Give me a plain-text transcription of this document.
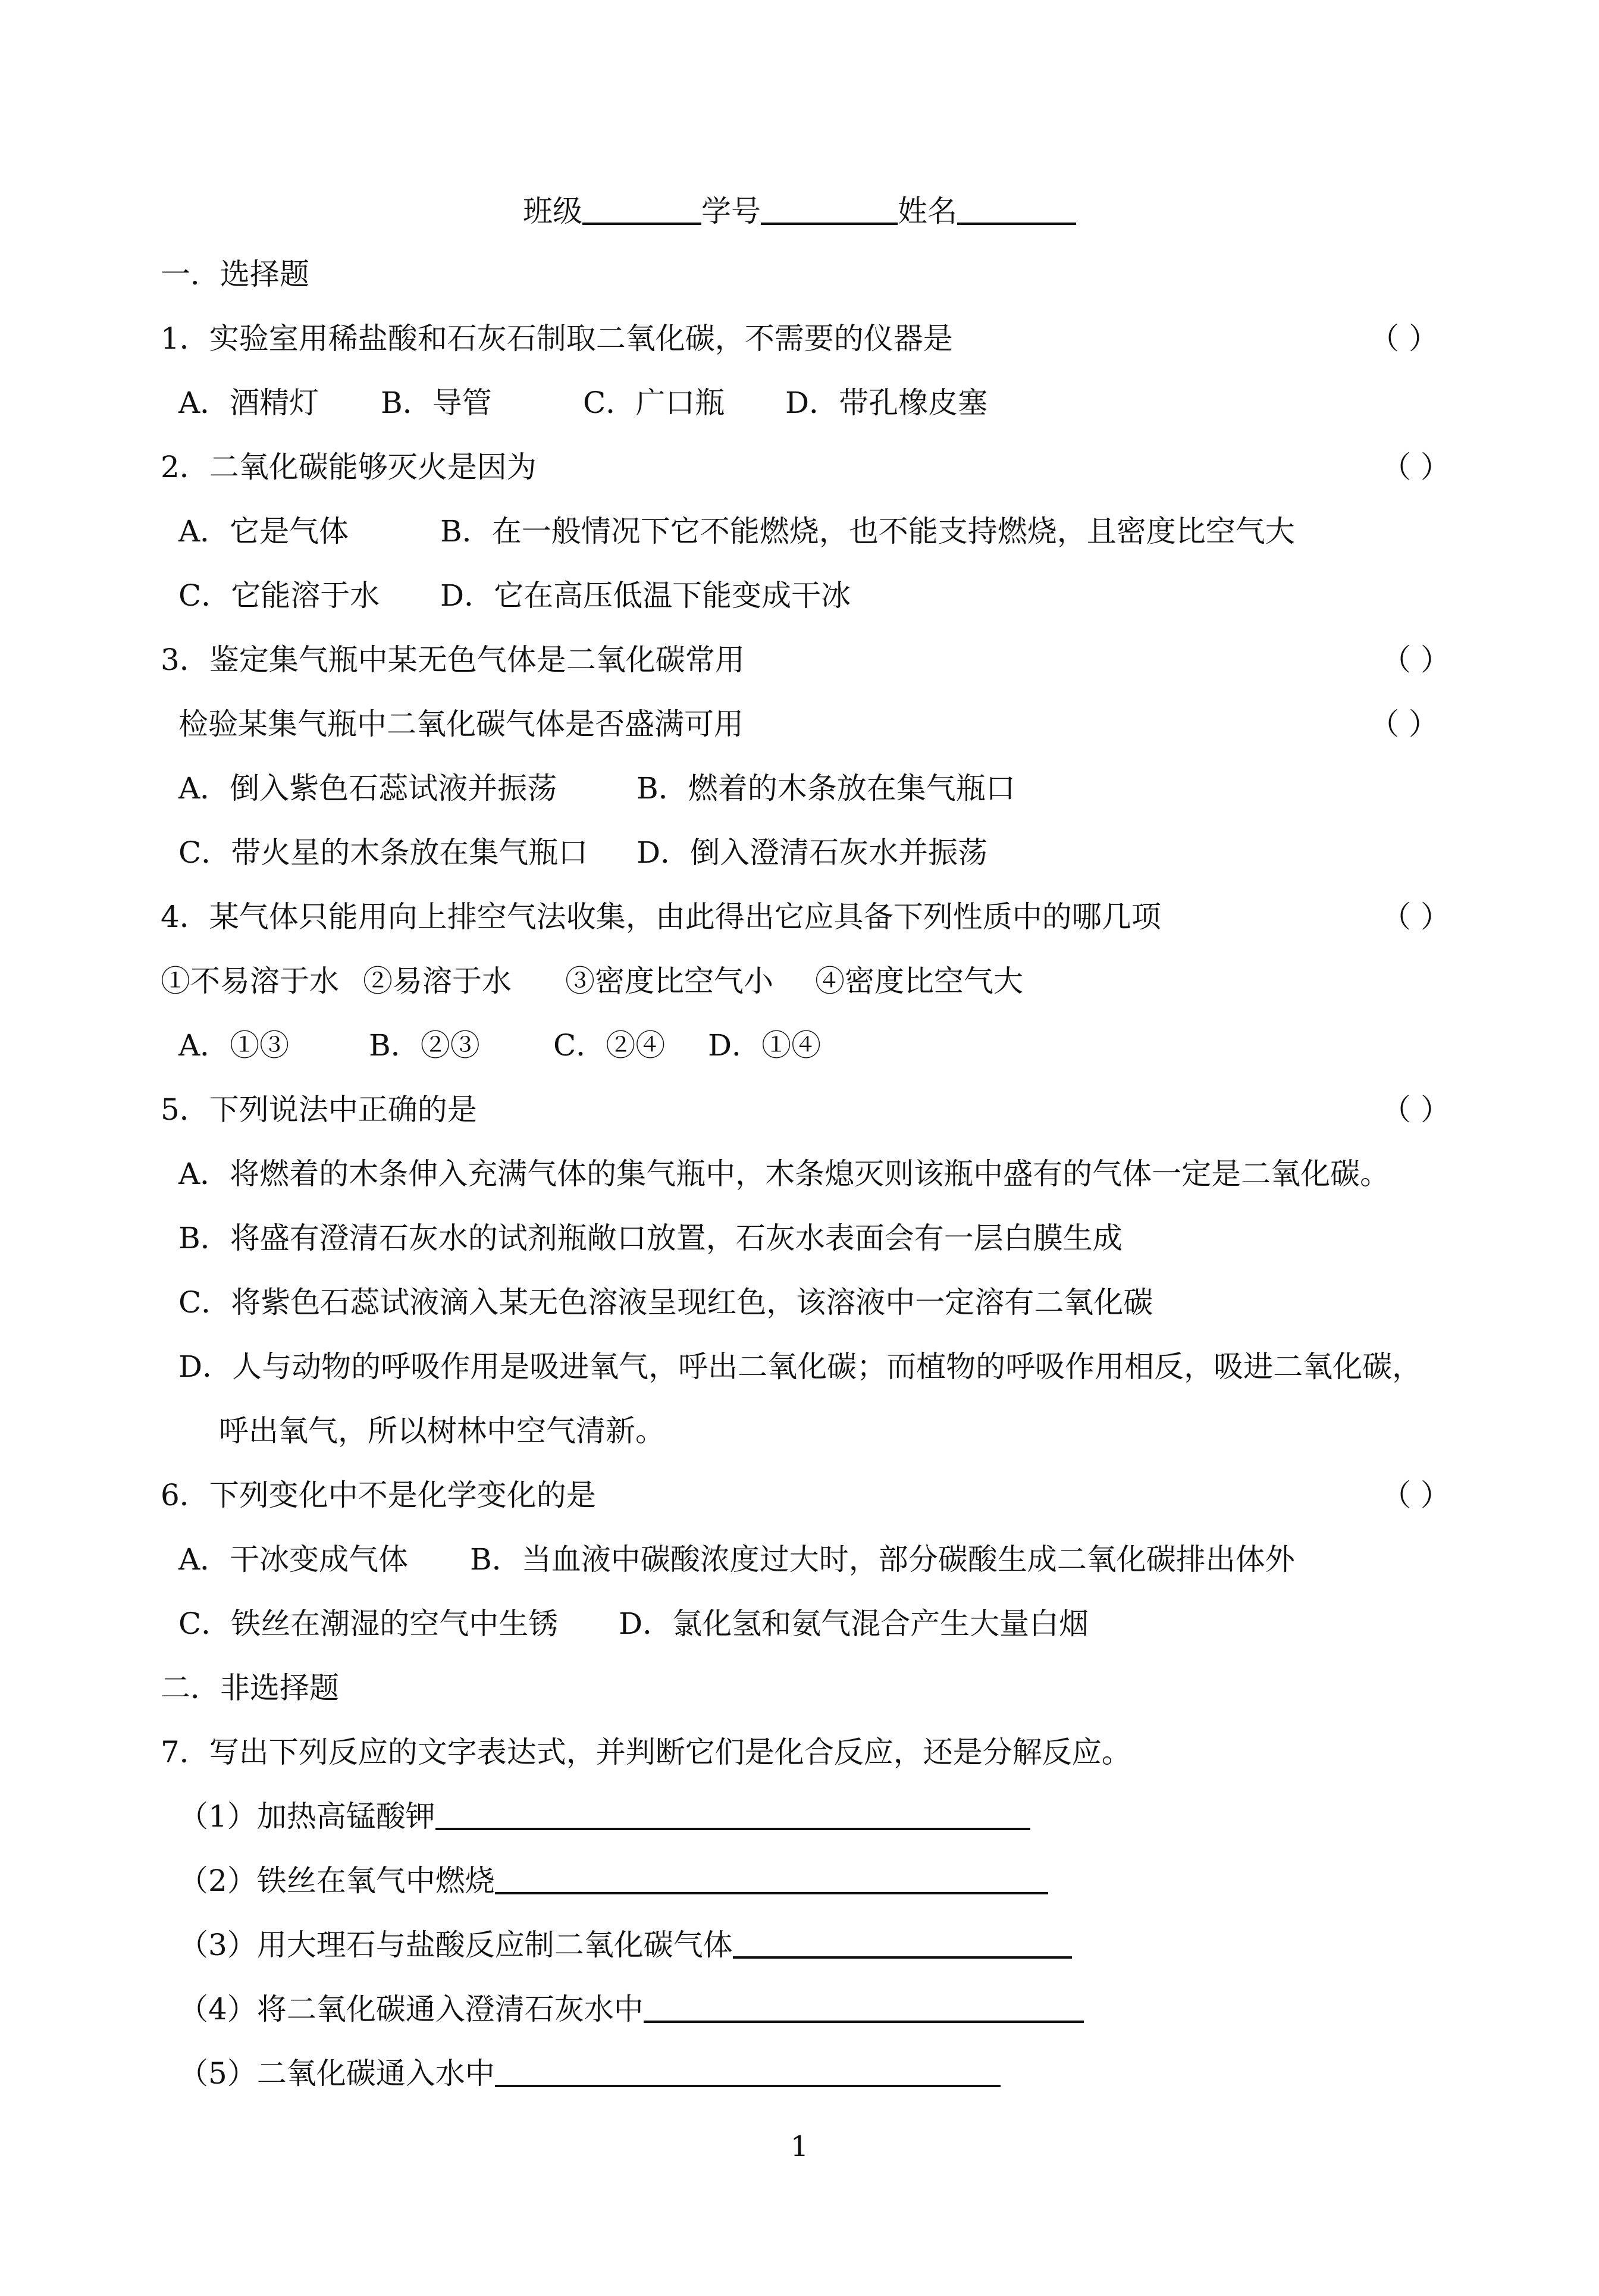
班级	学号	姓名
一．选择题
1．实验室用稀盐酸和石灰石制取二氧化碳，不需要的仪器是	（ ）
A．酒精灯 B．导管	C．广口瓶 D．带孔橡皮塞
2．二氧化碳能够灭火是因为	（ ）
A．它是气体	B．在一般情况下它不能燃烧，也不能支持燃烧，且密度比空气大
C．它能溶于水 D．它在高压低温下能变成干冰
3．鉴定集气瓶中某无色气体是二氧化碳常用	（ ）
检验某集气瓶中二氧化碳气体是否盛满可用	（ ）
A．倒入紫色石蕊试液并振荡	B．燃着的木条放在集气瓶口
C．带火星的木条放在集气瓶口 D．倒入澄清石灰水并振荡
4．某气体只能用向上排空气法收集，由此得出它应具备下列性质中的哪几项	（ ）
①不易溶于水 ②易溶于水 ③密度比空气小 ④密度比空气大
A．①③	B．②③ C．②④ D．①④
5．下列说法中正确的是	（ ）
A．将燃着的木条伸入充满气体的集气瓶中，木条熄灭则该瓶中盛有的气体一定是二氧化碳。
B．将盛有澄清石灰水的试剂瓶敞口放置，石灰水表面会有一层白膜生成
C．将紫色石蕊试液滴入某无色溶液呈现红色，该溶液中一定溶有二氧化碳
D．人与动物的呼吸作用是吸进氧气，呼出二氧化碳；而植物的呼吸作用相反，吸进二氧化碳，
呼出氧气，所以树林中空气清新。
6．下列变化中不是化学变化的是	（ ）
A．干冰变成气体 B．当血液中碳酸浓度过大时，部分碳酸生成二氧化碳排出体外
C．铁丝在潮湿的空气中生锈 D．氯化氢和氨气混合产生大量白烟
二．非选择题
7．写出下列反应的文字表达式，并判断它们是化合反应，还是分解反应。
（1）加热高锰酸钾
（2）铁丝在氧气中燃烧
（3）用大理石与盐酸反应制二氧化碳气体
（4）将二氧化碳通入澄清石灰水中
（5）二氧化碳通入水中
1
